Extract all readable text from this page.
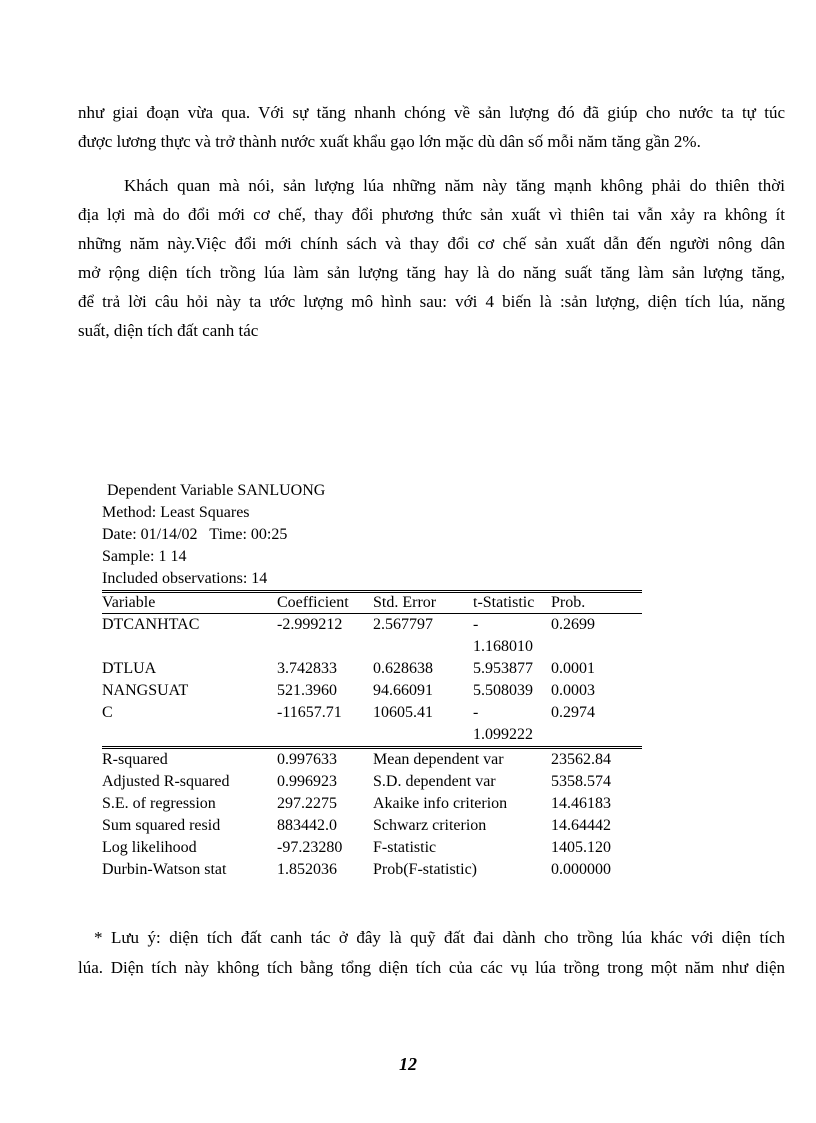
như giai đoạn vừa qua. Với sự tăng nhanh chóng về sản lượng đó đã giúp cho nước ta tự túc
được lương thực và trở thành nước xuất khẩu gạo lớn mặc dù dân số mỗi năm tăng gần 2%.
Khách quan mà nói, sản lượng lúa những năm này tăng mạnh không phải do thiên thời
địa lợi mà do đổi mới cơ chế, thay đổi phương thức sản xuất vì thiên tai vẫn xảy ra không ít
những năm này.Việc đổi mới chính sách và thay đổi cơ chế sản xuất dẫn đến người nông dân
mở rộng diện tích trồng lúa làm sản lượng tăng hay là do năng suất tăng làm sản lượng tăng,
để trả lời câu hỏi này ta ước lượng mô hình sau: với 4 biến là :sản lượng, diện tích lúa, năng
suất, diện tích đất canh tác
Dependent Variable SANLUONG
Method: Least Squares
Date: 01/14/02   Time: 00:25
Sample: 1 14
Included observations: 14
Variable	Coefficient	Std. Error	t-Statistic	Prob.
DTCANHTAC	-2.999212	2.567797	-	0.2699
			1.168010	
DTLUA	3.742833	0.628638	5.953877	0.0001
NANGSUAT	521.3960	94.66091	5.508039	0.0003
C	-11657.71	10605.41	-	0.2974
			1.099222	
R-squared	0.997633	Mean dependent var		23562.84
Adjusted R-squared	0.996923	S.D. dependent var		5358.574
S.E. of regression	297.2275	Akaike info criterion		14.46183
Sum squared resid	883442.0	Schwarz criterion		14.64442
Log likelihood	-97.23280	F-statistic		1405.120
Durbin-Watson stat	1.852036	Prob(F-statistic)		0.000000
* Lưu ý: diện tích đất canh tác ở đây là quỹ đất đai dành cho trồng lúa khác với diện tích
lúa. Diện tích này không tích bằng tổng diện tích của các vụ lúa trồng trong một năm như diện
12
